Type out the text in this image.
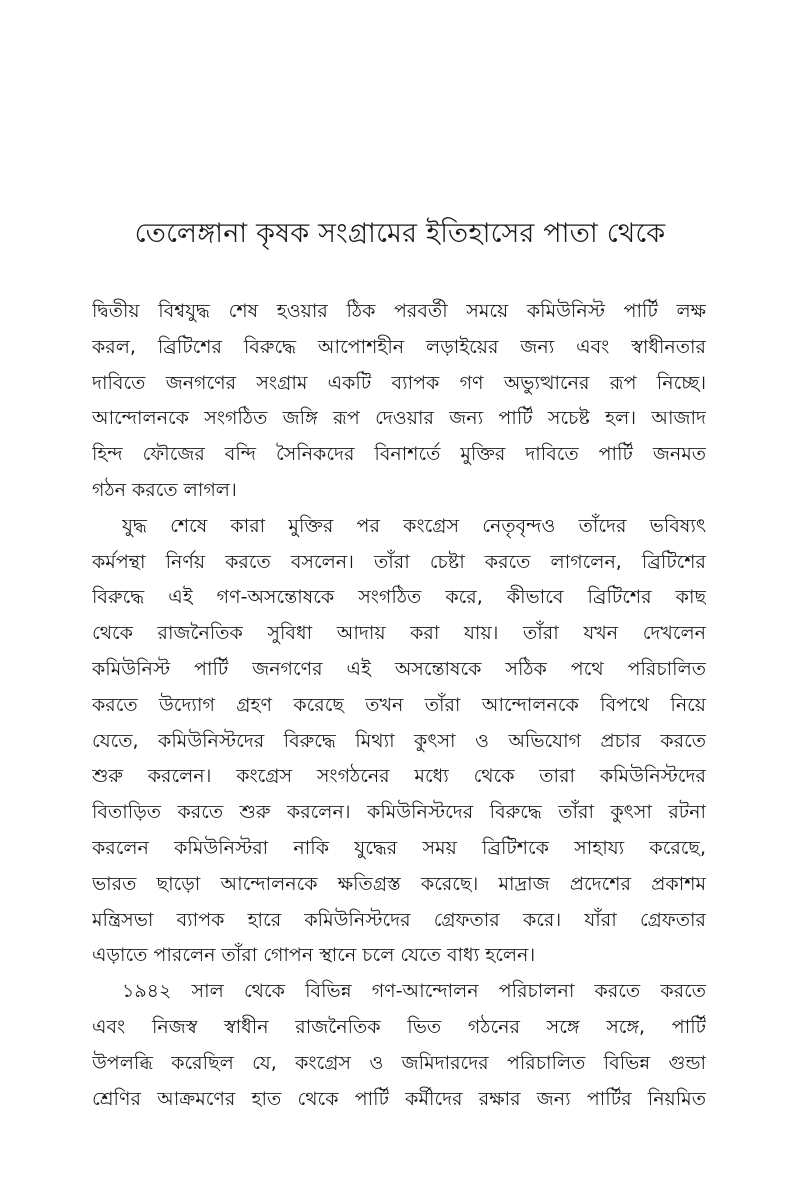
তেলেঙ্গানা কৃষক সংগ্রামের ইতিহাসের পাতা থেকে
দ্বিতীয় বিশ্বযুদ্ধ শেষ হওয়ার ঠিক পরবর্তী সময়ে কমিউনিস্ট পার্টি লক্ষ
করল, ব্রিটিশের বিরুদ্ধে আপোশহীন লড়াইয়ের জন্য এবং স্বাধীনতার
দাবিতে জনগণের সংগ্রাম একটি ব্যাপক গণ অভ্যুত্থানের রূপ নিচ্ছে।
আন্দোলনকে সংগঠিত জঙ্গি রূপ দেওয়ার জন্য পার্টি সচেষ্ট হল। আজাদ
হিন্দ ফৌজের বন্দি সৈনিকদের বিনাশর্তে মুক্তির দাবিতে পার্টি জনমত
গঠন করতে লাগল।
যুদ্ধ শেষে কারা মুক্তির পর কংগ্রেস নেতৃবৃন্দও তাঁদের ভবিষ্যৎ
কর্মপন্থা নির্ণয় করতে বসলেন। তাঁরা চেষ্টা করতে লাগলেন, ব্রিটিশের
বিরুদ্ধে এই গণ-অসন্তোষকে সংগঠিত করে, কীভাবে ব্রিটিশের কাছ
থেকে রাজনৈতিক সুবিধা আদায় করা যায়। তাঁরা যখন দেখলেন
কমিউনিস্ট পার্টি জনগণের এই অসন্তোষকে সঠিক পথে পরিচালিত
করতে উদ্যোগ গ্রহণ করেছে তখন তাঁরা আন্দোলনকে বিপথে নিয়ে
যেতে, কমিউনিস্টদের বিরুদ্ধে মিথ্যা কুৎসা ও অভিযোগ প্রচার করতে
শুরু করলেন। কংগ্রেস সংগঠনের মধ্যে থেকে তারা কমিউনিস্টদের
বিতাড়িত করতে শুরু করলেন। কমিউনিস্টদের বিরুদ্ধে তাঁরা কুৎসা রটনা
করলেন কমিউনিস্টরা নাকি যুদ্ধের সময় ব্রিটিশকে সাহায্য করেছে,
ভারত ছাড়ো আন্দোলনকে ক্ষতিগ্রস্ত করেছে। মাদ্রাজ প্রদেশের প্রকাশম
মন্ত্রিসভা ব্যাপক হারে কমিউনিস্টদের গ্রেফতার করে। যাঁরা গ্রেফতার
এড়াতে পারলেন তাঁরা গোপন স্থানে চলে যেতে বাধ্য হলেন।
১৯৪২ সাল থেকে বিভিন্ন গণ-আন্দোলন পরিচালনা করতে করতে
এবং নিজস্ব স্বাধীন রাজনৈতিক ভিত গঠনের সঙ্গে সঙ্গে, পার্টি
উপলব্ধি করেছিল যে, কংগ্রেস ও জমিদারদের পরিচালিত বিভিন্ন গুন্ডা
শ্রেণির আক্রমণের হাত থেকে পার্টি কর্মীদের রক্ষার জন্য পার্টির নিয়মিত
